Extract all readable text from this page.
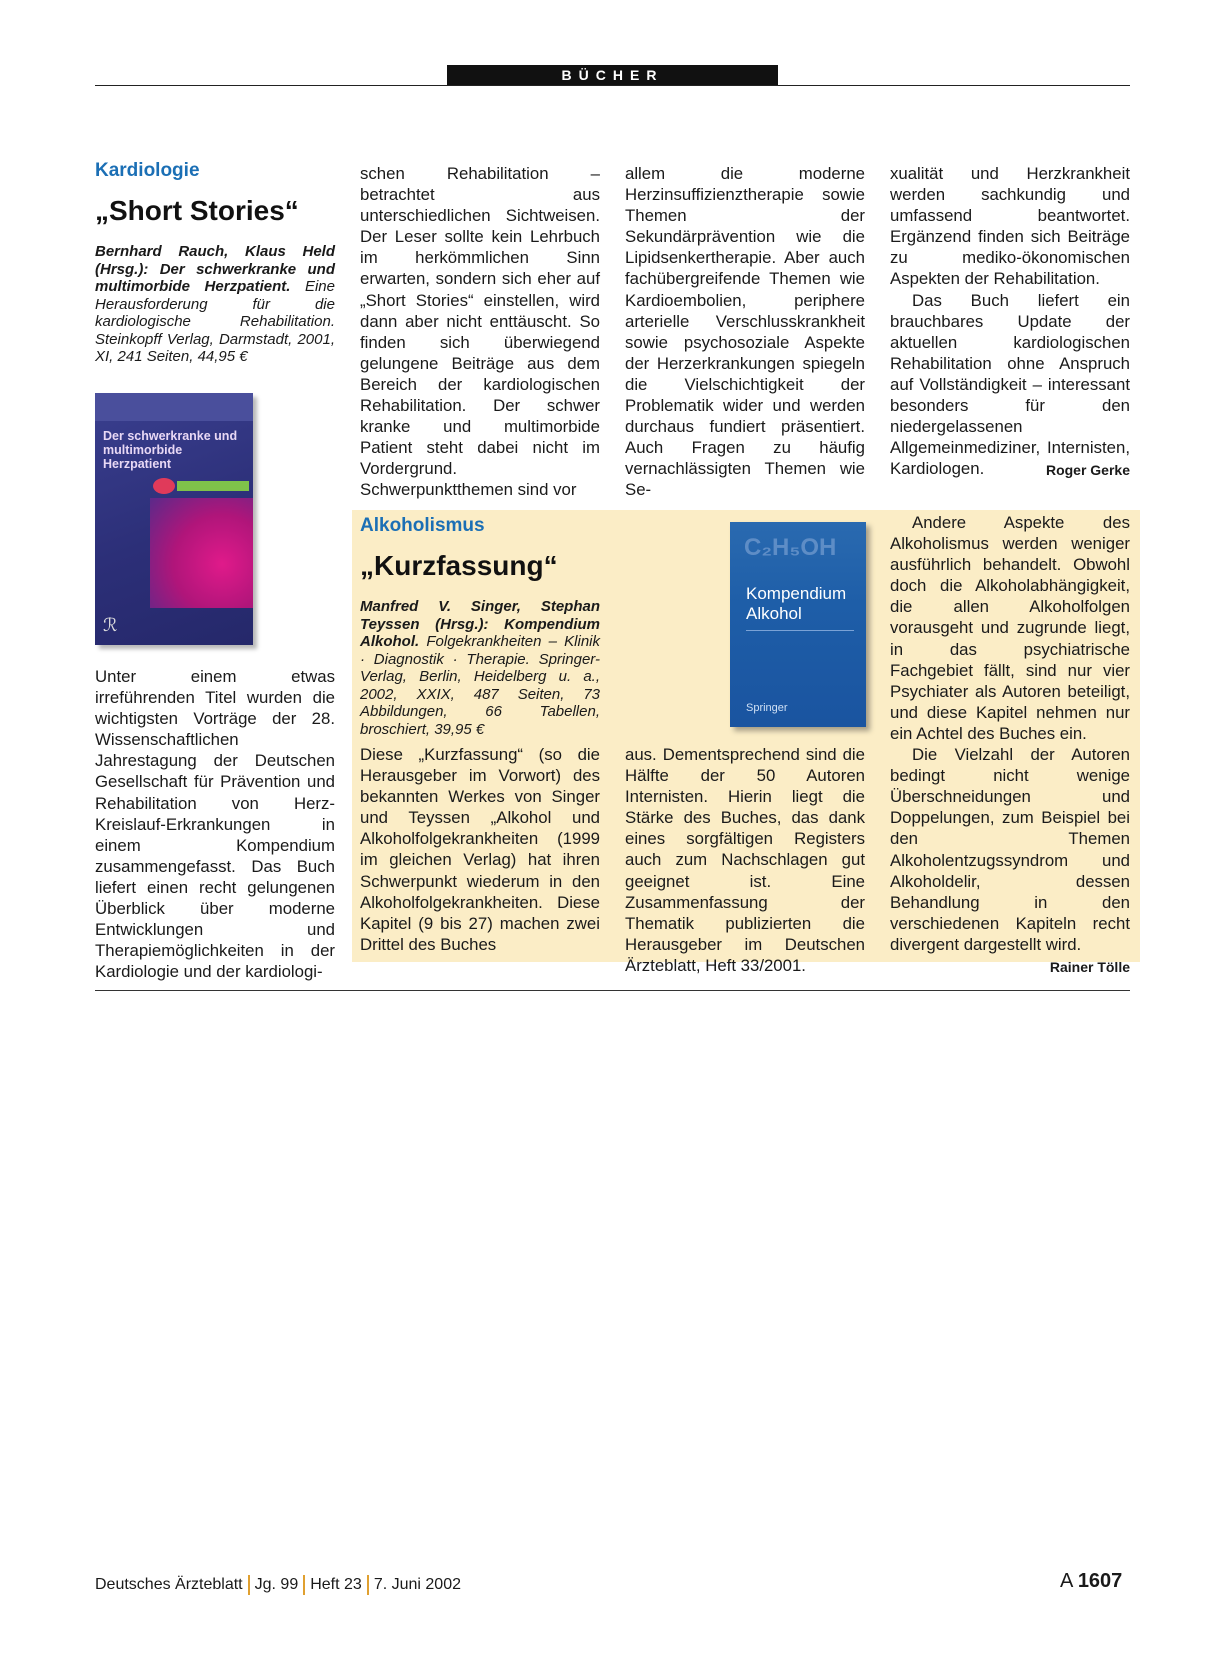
BÜCHER
Kardiologie
„Short Stories“
Bernhard Rauch, Klaus Held (Hrsg.): Der schwerkranke und multimorbide Herzpatient. Eine Herausforderung für die kardiologische Rehabilitation. Steinkopff Verlag, Darmstadt, 2001, XI, 241 Seiten, 44,95 €
Der schwerkranke und multimorbide Herzpatient
ℛ

Unter einem etwas irreführenden Titel wurden die wichtigsten Vorträge der 28. Wissenschaftlichen Jahrestagung der Deutschen Gesellschaft für Prävention und Rehabilitation von Herz-Kreislauf-Erkrankungen in einem Kompendium zusammengefasst. Das Buch liefert einen recht gelungenen Überblick über moderne Entwicklungen und Therapiemöglichkeiten in der Kardiologie und der kardiologi-

schen Rehabilitation – betrachtet aus unterschiedlichen Sichtweisen. Der Leser sollte kein Lehrbuch im herkömmlichen Sinn erwarten, sondern sich eher auf „Short Stories“ einstellen, wird dann aber nicht enttäuscht. So finden sich überwiegend gelungene Beiträge aus dem Bereich der kardiologischen Rehabilitation. Der schwer kranke und multimorbide Patient steht dabei nicht im Vordergrund. Schwerpunktthemen sind vor

allem die moderne Herzinsuffizienztherapie sowie Themen der Sekundärprävention wie die Lipidsenkertherapie. Aber auch fachübergreifende Themen wie Kardioembolien, periphere arterielle Verschlusskrankheit sowie psychosoziale Aspekte der Herzerkrankungen spiegeln die Vielschichtigkeit der Problematik wider und werden durchaus fundiert präsentiert. Auch Fragen zu häufig vernachlässigten Themen wie Se-

xualität und Herzkrankheit werden sachkundig und umfassend beantwortet. Ergänzend finden sich Beiträge zu mediko-ökonomischen Aspekten der Rehabilitation.

Das Buch liefert ein brauchbares Update der aktuellen kardiologischen Rehabilitation ohne Anspruch auf Vollständigkeit – interessant besonders für den niedergelassenen Allgemeinmediziner, Internisten, Kardiologen.	Roger Gerke

Alkoholismus
„Kurzfassung“
Manfred V. Singer, Stephan Teyssen (Hrsg.): Kompendium Alkohol. Folgekrankheiten – Klinik · Diagnostik · Therapie. Springer-Verlag, Berlin, Heidelberg u. a., 2002, XXIX, 487 Seiten, 73 Abbildungen, 66 Tabellen, broschiert, 39,95 €
C₂H₅OH
Kompendium Alkohol
Springer

Diese „Kurzfassung“ (so die Herausgeber im Vorwort) des bekannten Werkes von Singer und Teyssen „Alkohol und Alkoholfolgekrankheiten (1999 im gleichen Verlag) hat ihren Schwerpunkt wiederum in den Alkoholfolgekrankheiten. Diese Kapitel (9 bis 27) machen zwei Drittel des Buches

aus. Dementsprechend sind die Hälfte der 50 Autoren Internisten. Hierin liegt die Stärke des Buches, das dank eines sorgfältigen Registers auch zum Nachschlagen gut geeignet ist. Eine Zusammenfassung der Thematik publizierten die Herausgeber im Deutschen Ärzteblatt, Heft 33/2001.

Andere Aspekte des Alkoholismus werden weniger ausführlich behandelt. Obwohl doch die Alkoholabhängigkeit, die allen Alkoholfolgen vorausgeht und zugrunde liegt, in das psychiatrische Fachgebiet fällt, sind nur vier Psychiater als Autoren beteiligt, und diese Kapitel nehmen nur ein Achtel des Buches ein.

Die Vielzahl der Autoren bedingt nicht wenige Überschneidungen und Doppelungen, zum Beispiel bei den Themen Alkoholentzugssyndrom und Alkoholdelir, dessen Behandlung in den verschiedenen Kapiteln recht divergent dargestellt wird.
Rainer Tölle

Deutsches Ärzteblatt Jg. 99 Heft 23 7. Juni 2002	A 1607
